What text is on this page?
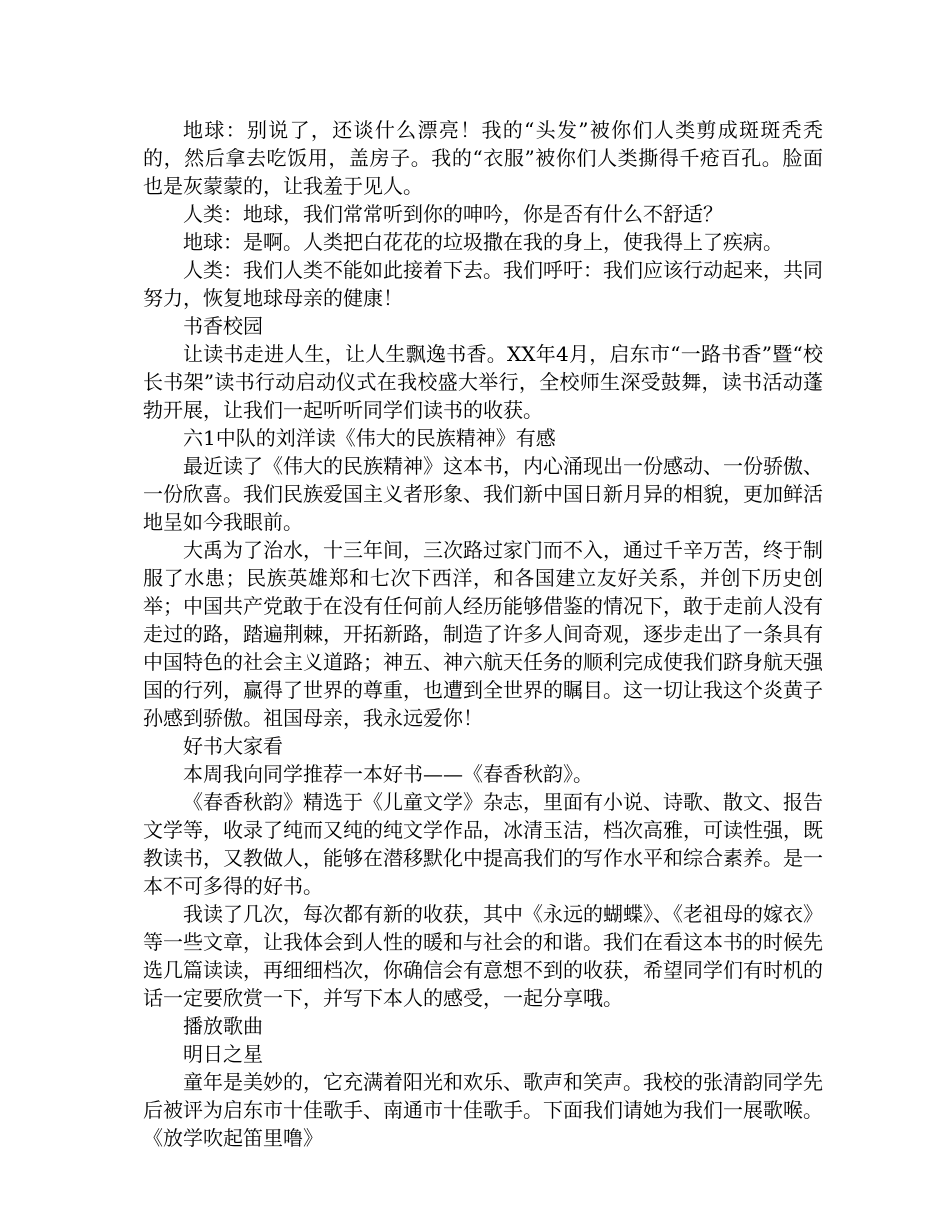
地球：别说了，还谈什么漂亮！我的“头发”被你们人类剪成斑斑秃秃的，然后拿去吃饭用，盖房子。我的“衣服”被你们人类撕得千疮百孔。脸面也是灰蒙蒙的，让我羞于见人。

人类：地球，我们常常听到你的呻吟，你是否有什么不舒适？

地球：是啊。人类把白花花的垃圾撒在我的身上，使我得上了疾病。

人类：我们人类不能如此接着下去。我们呼吁：我们应该行动起来，共同努力，恢复地球母亲的健康！

书香校园

让读书走进人生，让人生飘逸书香。XX年4月，启东市“一路书香”暨“校长书架”读书行动启动仪式在我校盛大举行，全校师生深受鼓舞，读书活动蓬勃开展，让我们一起听听同学们读书的收获。

六1中队的刘洋读《伟大的民族精神》有感

最近读了《伟大的民族精神》这本书，内心涌现出一份感动、一份骄傲、一份欣喜。我们民族爱国主义者形象、我们新中国日新月异的相貌，更加鲜活地呈如今我眼前。

大禹为了治水，十三年间，三次路过家门而不入，通过千辛万苦，终于制服了水患；民族英雄郑和七次下西洋，和各国建立友好关系，并创下历史创举；中国共产党敢于在没有任何前人经历能够借鉴的情况下，敢于走前人没有走过的路，踏遍荆棘，开拓新路，制造了许多人间奇观，逐步走出了一条具有中国特色的社会主义道路；神五、神六航天任务的顺利完成使我们跻身航天强国的行列，赢得了世界的尊重，也遭到全世界的瞩目。这一切让我这个炎黄子孙感到骄傲。祖国母亲，我永远爱你！

好书大家看

本周我向同学推荐一本好书——《春香秋韵》。

《春香秋韵》精选于《儿童文学》杂志，里面有小说、诗歌、散文、报告文学等，收录了纯而又纯的纯文学作品，冰清玉洁，档次高雅，可读性强，既教读书，又教做人，能够在潜移默化中提高我们的写作水平和综合素养。是一本不可多得的好书。

我读了几次，每次都有新的收获，其中《永远的蝴蝶》、《老祖母的嫁衣》等一些文章，让我体会到人性的暖和与社会的和谐。我们在看这本书的时候先选几篇读读，再细细档次，你确信会有意想不到的收获，希望同学们有时机的话一定要欣赏一下，并写下本人的感受，一起分享哦。

播放歌曲

明日之星

童年是美妙的，它充满着阳光和欢乐、歌声和笑声。我校的张清韵同学先后被评为启东市十佳歌手、南通市十佳歌手。下面我们请她为我们一展歌喉。《放学吹起笛里噜》
